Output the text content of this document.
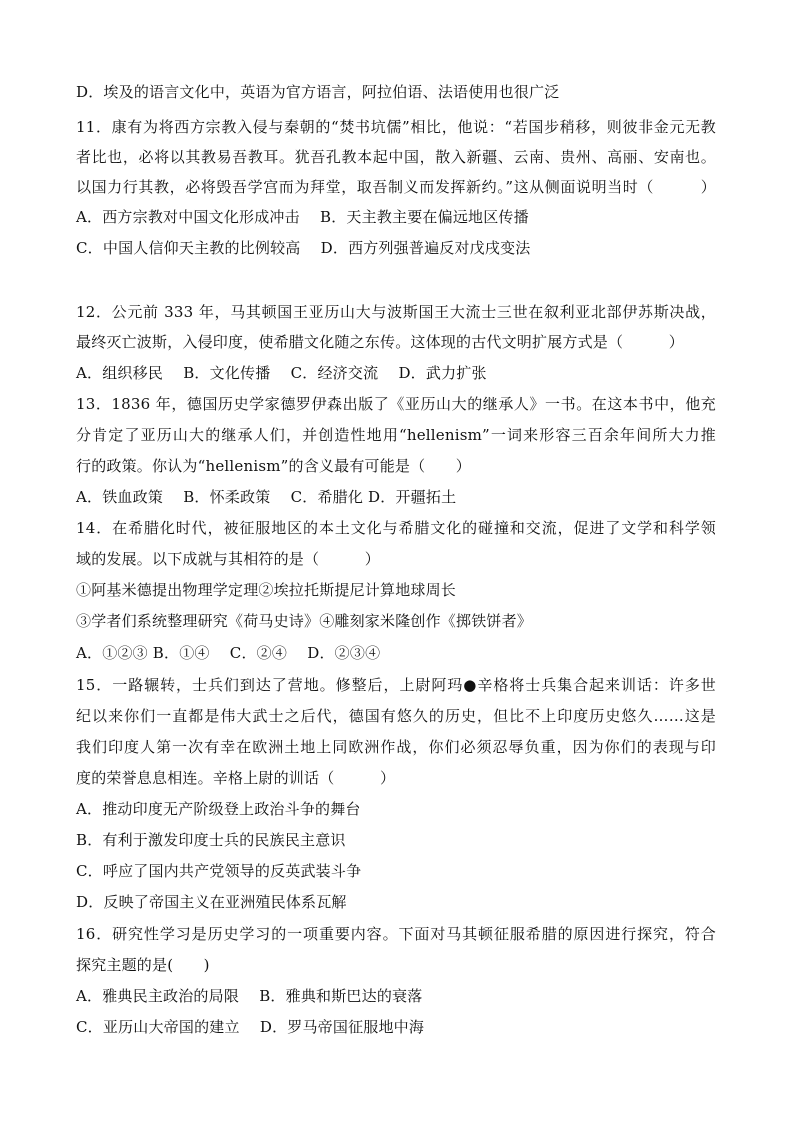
D．埃及的语言文化中，英语为官方语言，阿拉伯语、法语使用也很广泛
11．康有为将西方宗教入侵与秦朝的“焚书坑儒”相比，他说：“若国步稍移，则彼非金元无教
者比也，必将以其教易吾教耳。犹吾孔教本起中国，散入新疆、云南、贵州、高丽、安南也。
以国力行其教，必将毁吾学宫而为拜堂，取吾制义而发挥新约。”这从侧面说明当时（　　　）
A．西方宗教对中国文化形成冲击　 B．天主教主要在偏远地区传播
C．中国人信仰天主教的比例较高　 D．西方列强普遍反对戊戌变法
12．公元前 333 年，马其顿国王亚历山大与波斯国王大流士三世在叙利亚北部伊苏斯决战，
最终灭亡波斯，入侵印度，使希腊文化随之东传。这体现的古代文明扩展方式是（　　　）
A．组织移民　 B．文化传播　 C．经济交流　 D．武力扩张
13．1836 年，德国历史学家德罗伊森出版了《亚历山大的继承人》一书。在这本书中，他充
分肯定了亚历山大的继承人们，并创造性地用“hellenism”一词来形容三百余年间所大力推
行的政策。你认为“hellenism”的含义最有可能是（　　）
A．铁血政策　 B．怀柔政策　 C．希腊化 D．开疆拓土
14．在希腊化时代，被征服地区的本土文化与希腊文化的碰撞和交流，促进了文学和科学领
域的发展。以下成就与其相符的是（　　　）
①阿基米德提出物理学定理②埃拉托斯提尼计算地球周长
③学者们系统整理研究《荷马史诗》④雕刻家米隆创作《掷铁饼者》
A．①②③ B．①④　 C．②④　 D．②③④
15．一路辗转，士兵们到达了营地。修整后，上尉阿玛●辛格将士兵集合起来训话：许多世
纪以来你们一直都是伟大武士之后代，德国有悠久的历史，但比不上印度历史悠久……这是
我们印度人第一次有幸在欧洲土地上同欧洲作战，你们必须忍辱负重，因为你们的表现与印
度的荣誉息息相连。辛格上尉的训话（　　　）
A．推动印度无产阶级登上政治斗争的舞台
B．有利于激发印度士兵的民族民主意识
C．呼应了国内共产党领导的反英武装斗争
D．反映了帝国主义在亚洲殖民体系瓦解
16．研究性学习是历史学习的一项重要内容。下面对马其顿征服希腊的原因进行探究，符合
探究主题的是(　　)
A．雅典民主政治的局限　 B．雅典和斯巴达的衰落
C．亚历山大帝国的建立　 D．罗马帝国征服地中海
